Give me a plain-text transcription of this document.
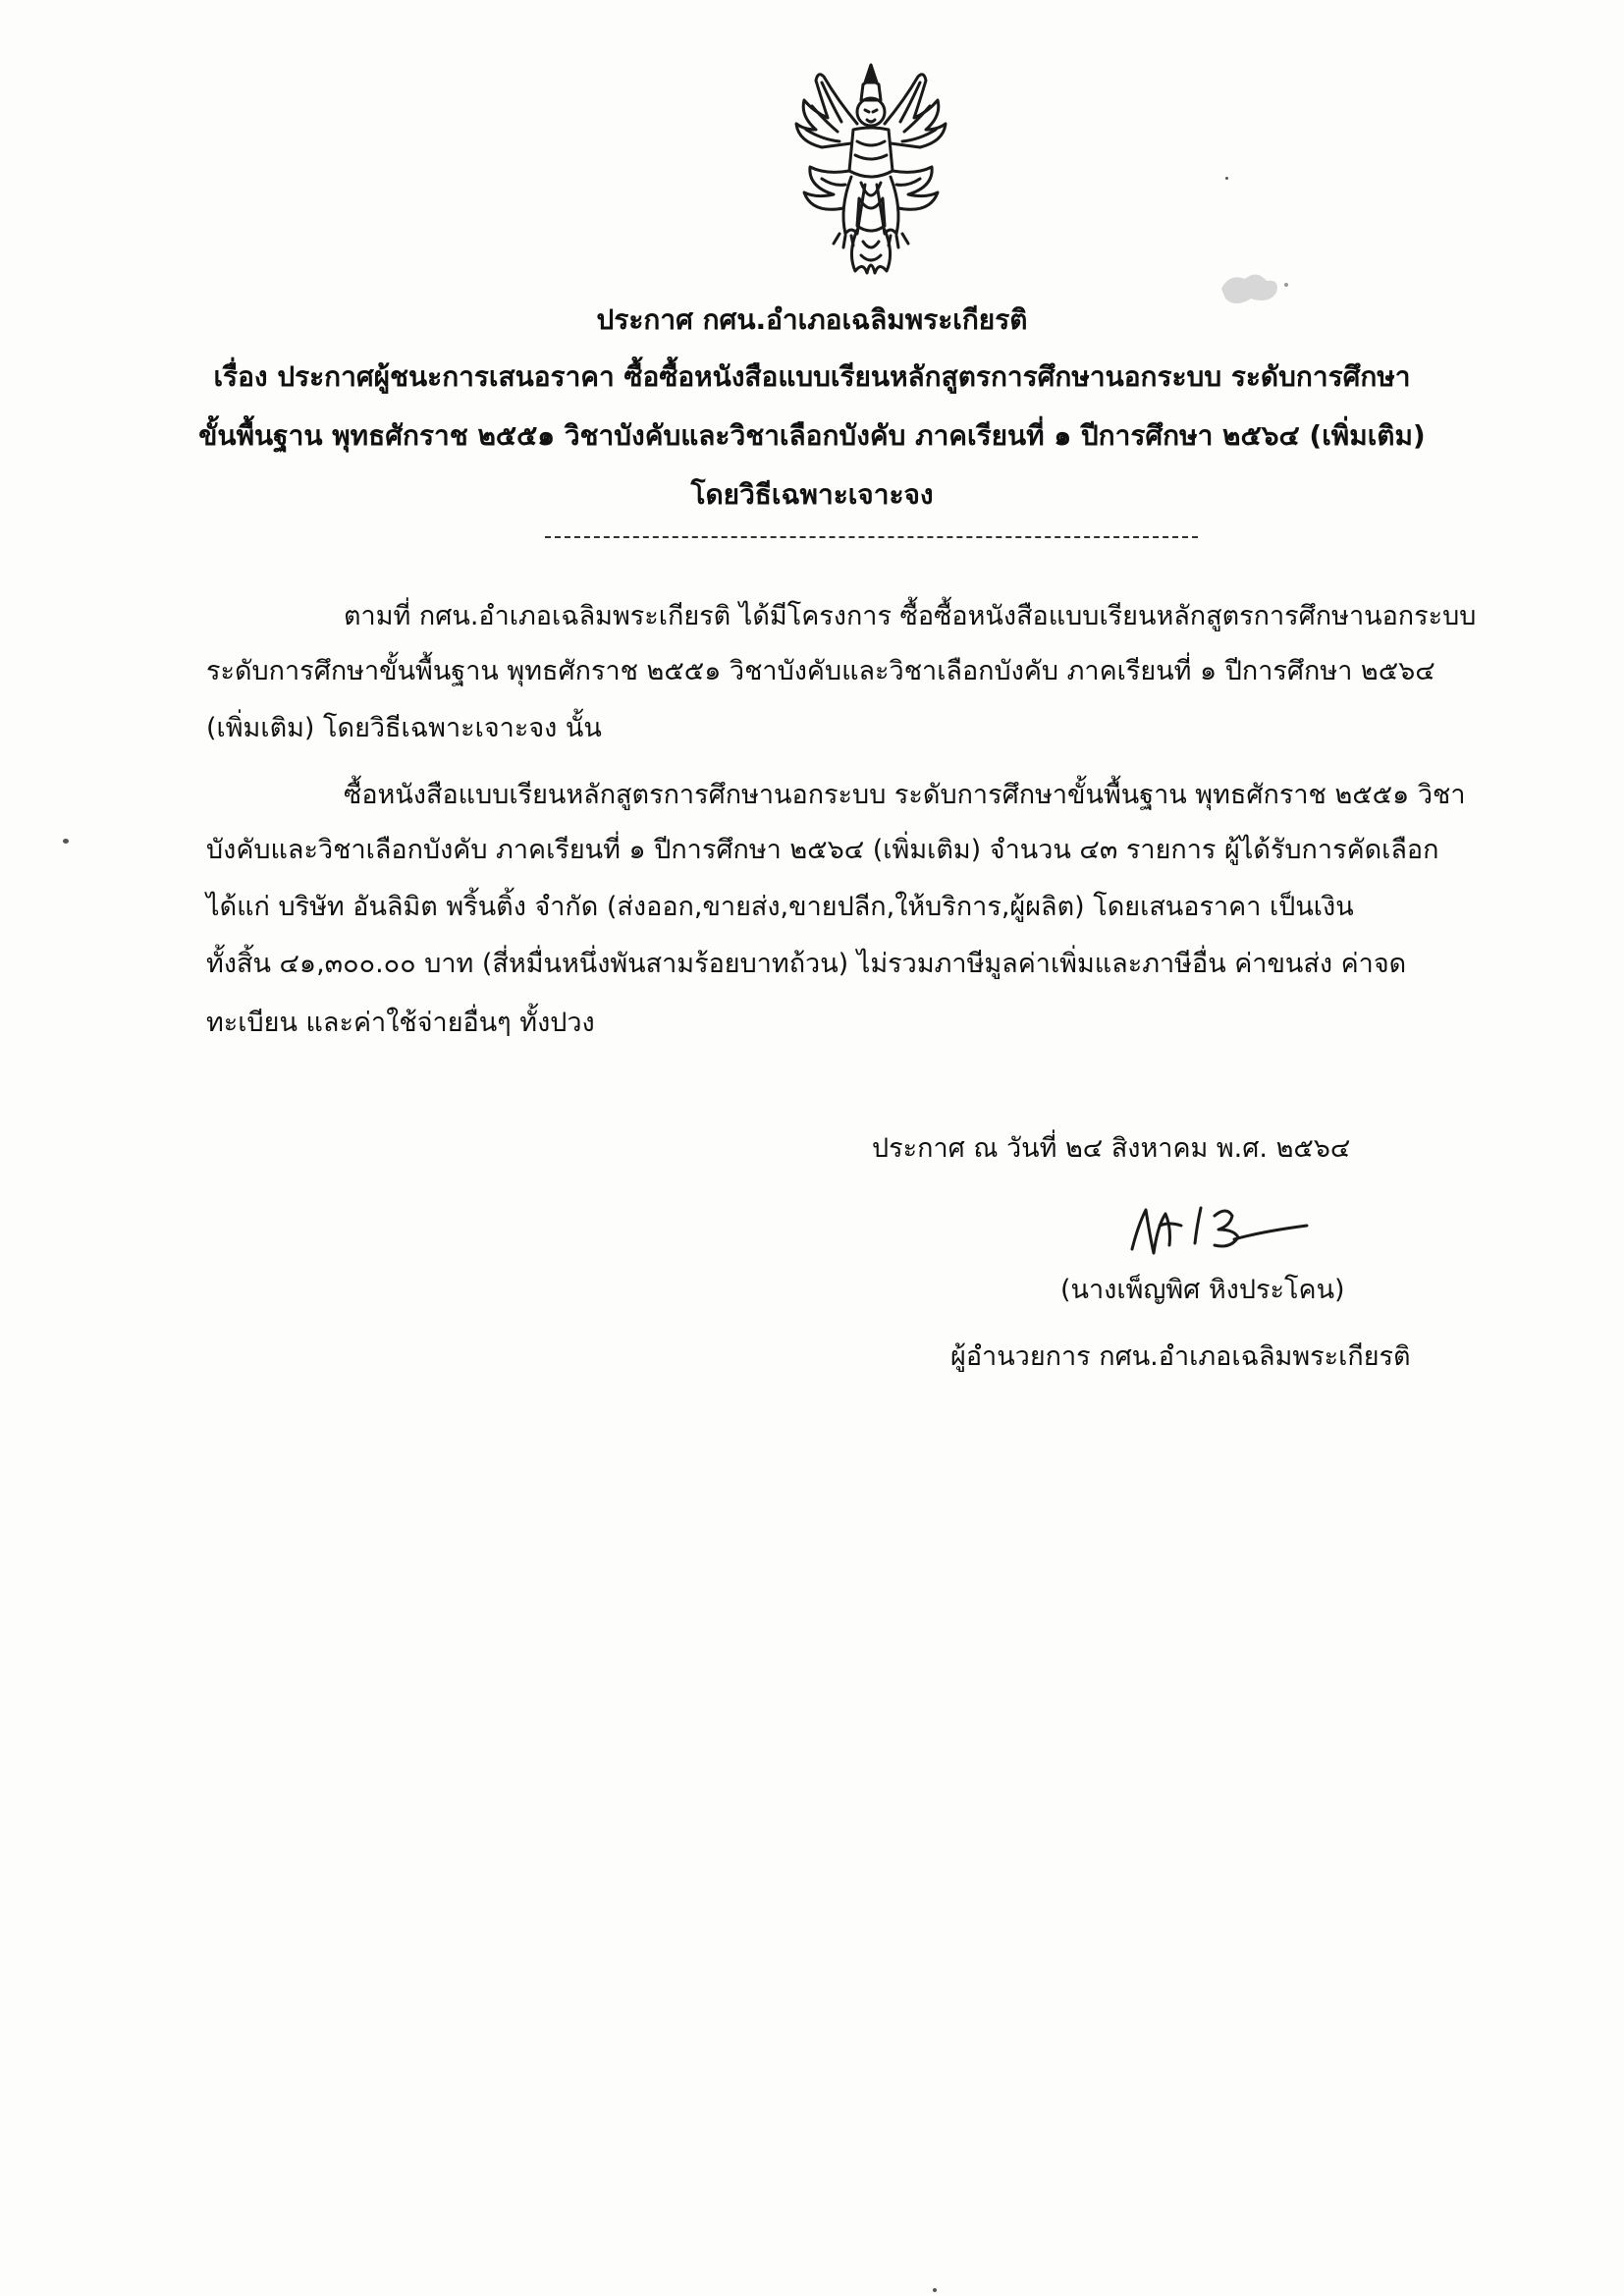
ประกาศ กศน.อำเภอเฉลิมพระเกียรติ
เรื่อง ประกาศผู้ชนะการเสนอราคา ซื้อซื้อหนังสือแบบเรียนหลักสูตรการศึกษานอกระบบ ระดับการศึกษา
ขั้นพื้นฐาน พุทธศักราช ๒๕๕๑ วิชาบังคับและวิชาเลือกบังคับ ภาคเรียนที่ ๑ ปีการศึกษา ๒๕๖๔ (เพิ่มเติม)
โดยวิธีเฉพาะเจาะจง
ตามที่ กศน.อำเภอเฉลิมพระเกียรติ ได้มีโครงการ ซื้อซื้อหนังสือแบบเรียนหลักสูตรการศึกษานอกระบบ
ระดับการศึกษาขั้นพื้นฐาน พุทธศักราช ๒๕๕๑ วิชาบังคับและวิชาเลือกบังคับ ภาคเรียนที่ ๑ ปีการศึกษา ๒๕๖๔
(เพิ่มเติม) โดยวิธีเฉพาะเจาะจง นั้น
ซื้อหนังสือแบบเรียนหลักสูตรการศึกษานอกระบบ ระดับการศึกษาขั้นพื้นฐาน พุทธศักราช ๒๕๕๑ วิชา
บังคับและวิชาเลือกบังคับ ภาคเรียนที่ ๑ ปีการศึกษา ๒๕๖๔ (เพิ่มเติม) จำนวน ๔๓ รายการ ผู้ได้รับการคัดเลือก
ได้แก่ บริษัท อันลิมิต พริ้นติ้ง จำกัด (ส่งออก,ขายส่ง,ขายปลีก,ให้บริการ,ผู้ผลิต) โดยเสนอราคา เป็นเงิน
ทั้งสิ้น ๔๑,๓๐๐.๐๐ บาท (สี่หมื่นหนึ่งพันสามร้อยบาทถ้วน) ไม่รวมภาษีมูลค่าเพิ่มและภาษีอื่น ค่าขนส่ง ค่าจด
ทะเบียน และค่าใช้จ่ายอื่นๆ ทั้งปวง
ประกาศ ณ วันที่ ๒๔ สิงหาคม พ.ศ. ๒๕๖๔
(นางเพ็ญพิศ หิงประโคน)
ผู้อำนวยการ กศน.อำเภอเฉลิมพระเกียรติ
